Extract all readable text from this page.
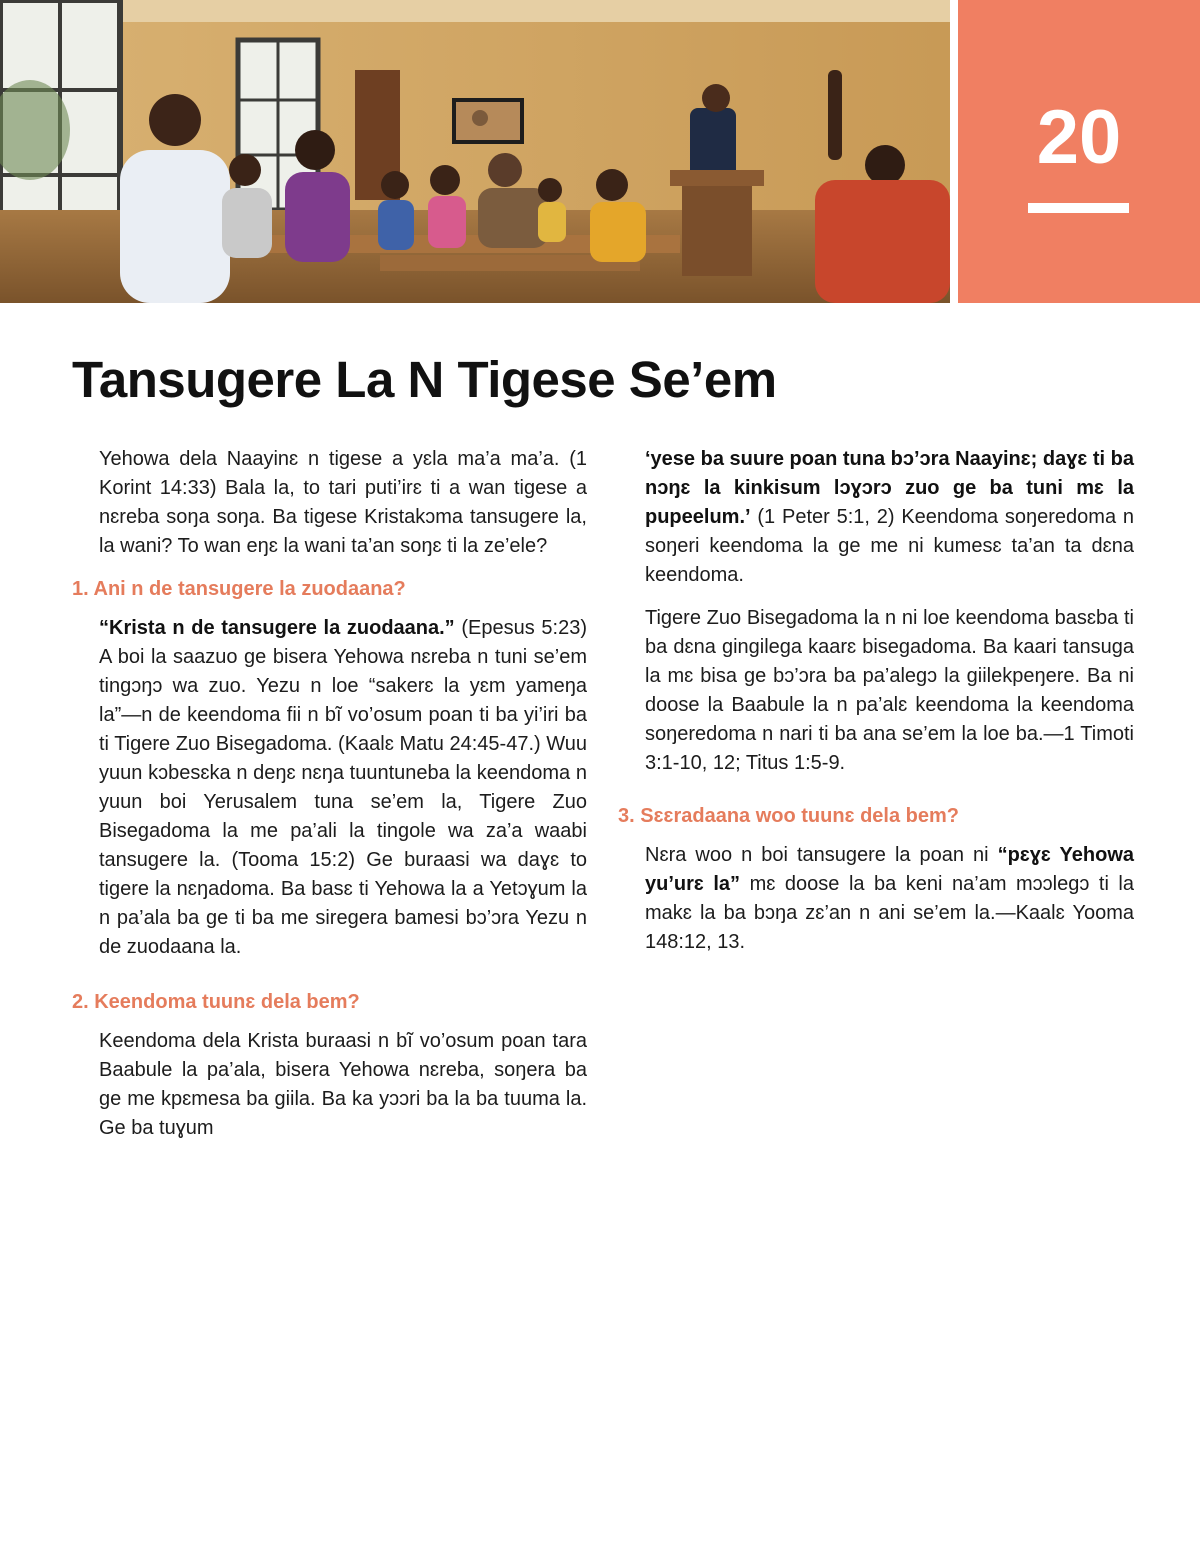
20
Tansugere La N Tigese Se’em

Yehowa dela Naayinɛ n tigese a yɛla ma’a ma’a. (1 Korint 14:33) Bala la, to tari puti’irɛ ti a wan tigese a nɛreba soŋa soŋa. Ba tigese Kristakɔma tansugere la, la wani? To wan eŋɛ la wani ta’an soŋɛ ti la ze’ele?

1. Ani n de tansugere la zuodaana?

“Krista n de tansugere la zuodaana.” (Epesus 5:23) A boi la saazuo ge bisera Yehowa nɛreba n tuni se’em tingɔŋɔ wa zuo. Yezu n loe “sakerɛ la yɛm yameŋa la”—n de keendoma fii n bĩ vo’osum poan ti ba yi’iri ba ti Tigere Zuo Bisegadoma. (Kaalɛ Matu 24:45-47.) Wuu yuun kɔbesɛka n deŋɛ nɛŋa tuuntuneba la keendoma n yuun boi Yerusalem tuna se’em la, Tigere Zuo Bisegadoma la me pa’ali la tingole wa za’a waabi tansugere la. (Tooma 15:2) Ge buraasi wa daɣɛ to tigere la nɛŋadoma. Ba basɛ ti Yehowa la a Yetɔɣum la n pa’ala ba ge ti ba me siregera bamesi bɔ’ɔra Yezu n de zuodaana la.

2. Keendoma tuunɛ dela bem?

Keendoma dela Krista buraasi n bĩ vo’osum poan tara Baabule la pa’ala, bisera Yehowa nɛreba, soŋera ba ge me kpɛmesa ba giila. Ba ka yɔɔri ba la ba tuuma la. Ge ba tuɣum

‘yese ba suure poan tuna bɔ’ɔra Naayinɛ; daɣɛ ti ba nɔŋɛ la kinkisum lɔɣɔrɔ zuo ge ba tuni mɛ la pupeelum.’ (1 Peter 5:1, 2) Keendoma soŋeredoma n soŋeri keendoma la ge me ni kumesɛ ta’an ta dɛna keendoma.

Tigere Zuo Bisegadoma la n ni loe keendoma basɛba ti ba dɛna gingilega kaarɛ bisegadoma. Ba kaari tansuga la mɛ bisa ge bɔ’ɔra ba pa’alegɔ la giilekpeŋere. Ba ni doose la Baabule la n pa’alɛ keendoma la keendoma soŋeredoma n nari ti ba ana se’em la loe ba.—1 Timoti 3:1-10, 12; Titus 1:5-9.

3. Sɛɛradaana woo tuunɛ dela bem?

Nɛra woo n boi tansugere la poan ni “pɛɣɛ Yehowa yu’urɛ la” mɛ doose la ba keni na’am mɔɔlegɔ ti la makɛ la ba bɔŋa zɛ’an n ani se’em la.—Kaalɛ Yooma 148:12, 13.
